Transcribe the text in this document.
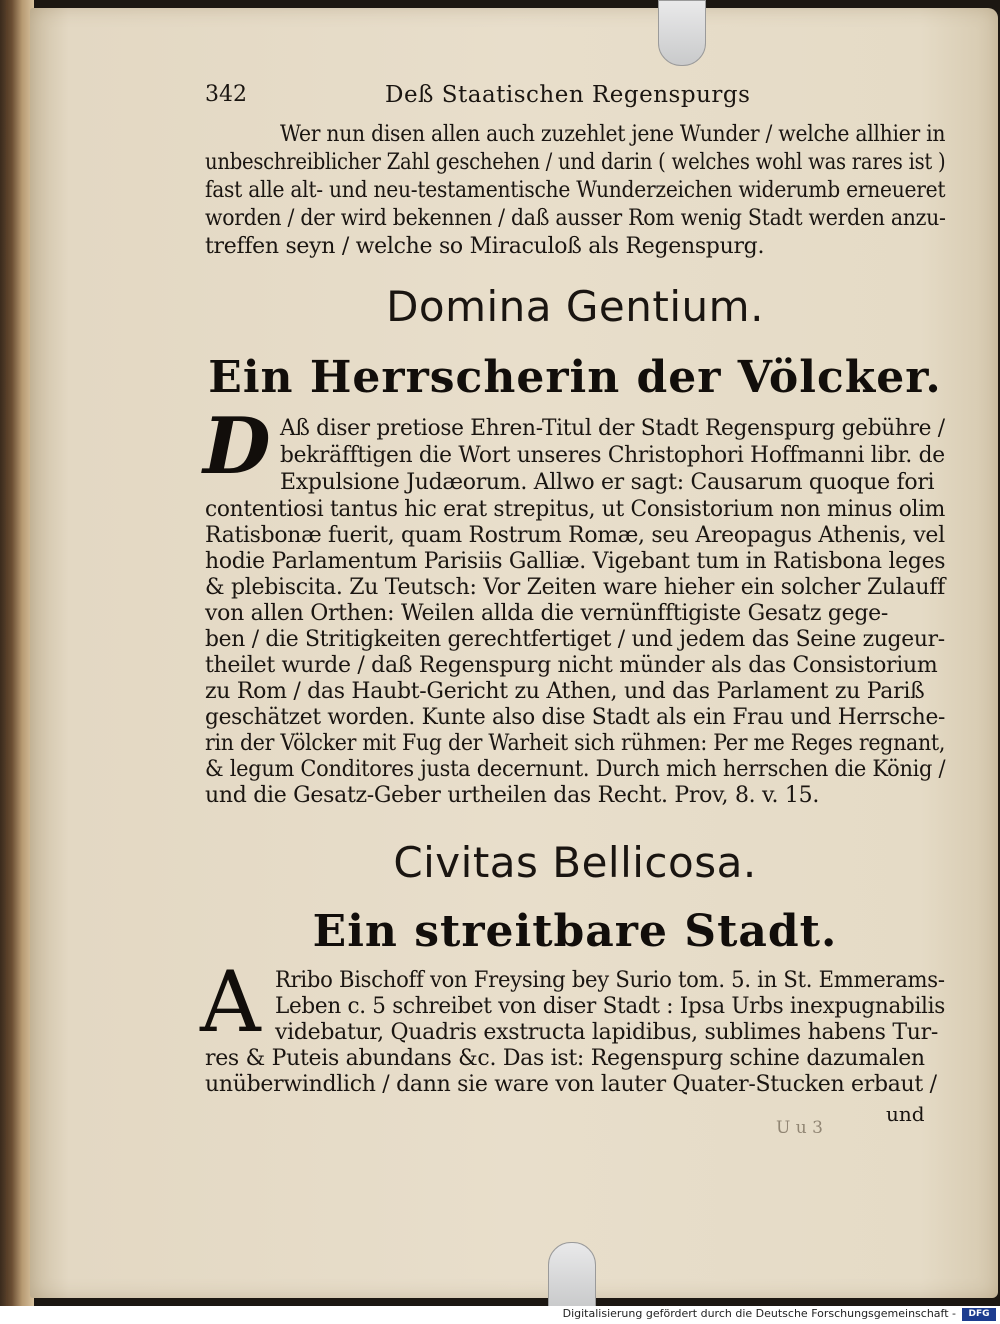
342	Deß Staatischen Regenspurgs
Wer nun disen allen auch zuzehlet jene Wunder / welche allhier in
unbeschreiblicher Zahl geschehen / und darin ( welches wohl was rares ist )
fast alle alt- und neu-testamentische Wunderzeichen widerumb erneueret
worden / der wird bekennen / daß ausser Rom wenig Stadt werden anzu-
treffen seyn / welche so Miraculoß als Regenspurg.
Domina Gentium.
Ein Herrscherin der Völcker.
D Aß diser pretiose Ehren-Titul der Stadt Regenspurg gebühre /
bekräfftigen die Wort unseres Christophori Hoffmanni libr. de
Expulsione Judæorum. Allwo er sagt: Causarum quoque fori
contentiosi tantus hic erat strepitus, ut Consistorium non minus olim
Ratisbonæ fuerit, quam Rostrum Romæ, seu Areopagus Athenis, vel
hodie Parlamentum Parisiis Galliæ. Vigebant tum in Ratisbona leges
& plebiscita. Zu Teutsch: Vor Zeiten ware hieher ein solcher Zulauff
von allen Orthen: Weilen allda die vernünfftigiste Gesatz gege-
ben / die Stritigkeiten gerechtfertiget / und jedem das Seine zugeur-
theilet wurde / daß Regenspurg nicht münder als das Consistorium
zu Rom / das Haubt-Gericht zu Athen, und das Parlament zu Pariß
geschätzet worden. Kunte also dise Stadt als ein Frau und Herrsche-
rin der Völcker mit Fug der Warheit sich rühmen: Per me Reges regnant,
& legum Conditores justa decernunt. Durch mich herrschen die König /
und die Gesatz-Geber urtheilen das Recht. Prov, 8. v. 15.
Civitas Bellicosa.
Ein streitbare Stadt.
A Rribo Bischoff von Freysing bey Surio tom. 5. in St. Emmerams-
Leben c. 5 schreibet von diser Stadt : Ipsa Urbs inexpugnabilis
videbatur, Quadris exstructa lapidibus, sublimes habens Tur-
res & Puteis abundans &c. Das ist: Regenspurg schine dazumalen
unüberwindlich / dann sie ware von lauter Quater-Stucken erbaut /
U u 3
und
Digitalisierung gefördert durch die Deutsche Forschungsgemeinschaft -	DFG
